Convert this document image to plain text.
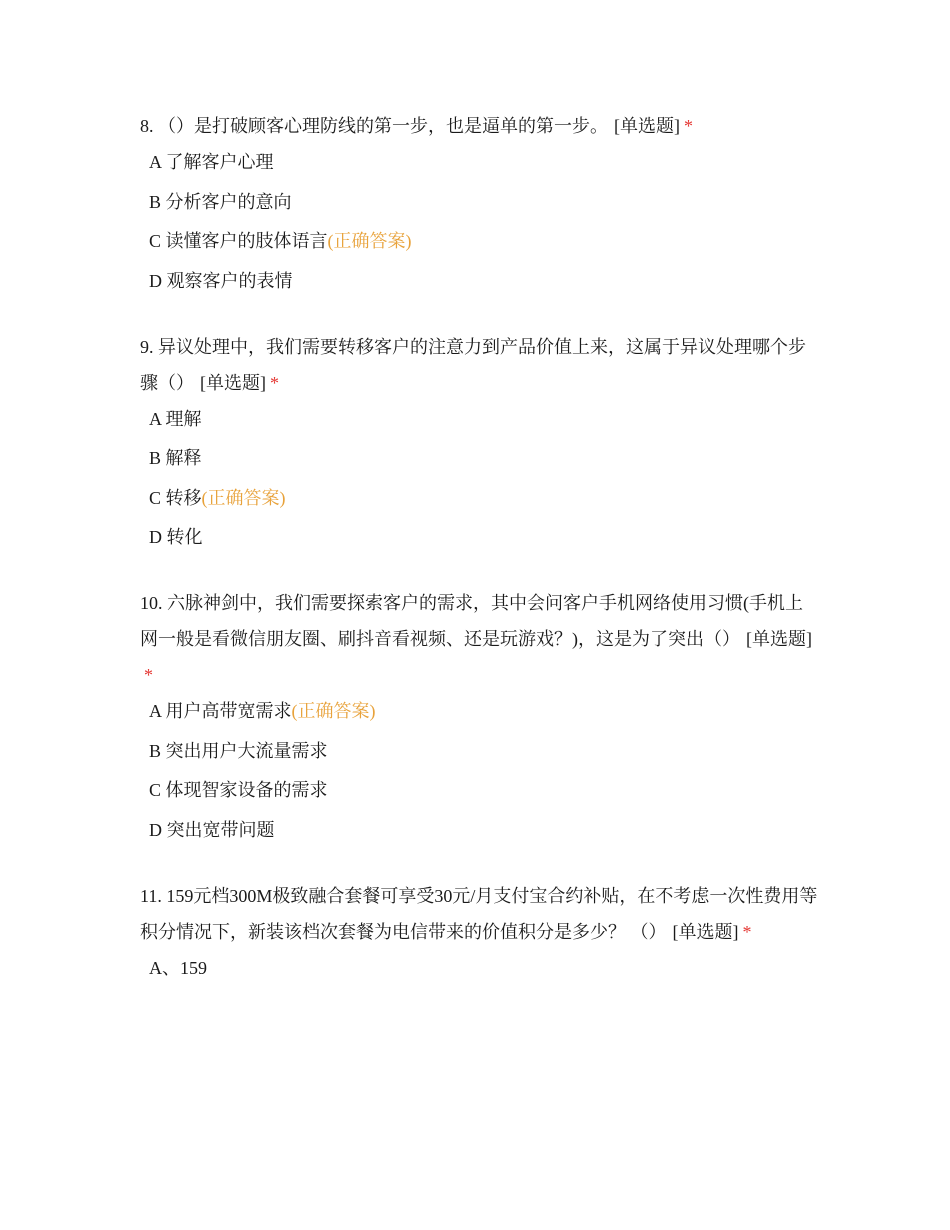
8. （）是打破顾客心理防线的第一步，也是逼单的第一步。 [单选题] *
A 了解客户心理
B 分析客户的意向
C 读懂客户的肢体语言(正确答案)
D 观察客户的表情
9. 异议处理中，我们需要转移客户的注意力到产品价值上来，这属于异议处理哪个步骤（） [单选题] *
A 理解
B 解释
C 转移(正确答案)
D 转化
10. 六脉神剑中，我们需要探索客户的需求，其中会问客户手机网络使用习惯(手机上网一般是看微信朋友圈、刷抖音看视频、还是玩游戏？)，这是为了突出（） [单选题]*
A 用户高带宽需求(正确答案)
B 突出用户大流量需求
C 体现智家设备的需求
D 突出宽带问题
11. 159元档300M极致融合套餐可享受30元/月支付宝合约补贴，在不考虑一次性费用等积分情况下，新装该档次套餐为电信带来的价值积分是多少？ （） [单选题] *
A、159
